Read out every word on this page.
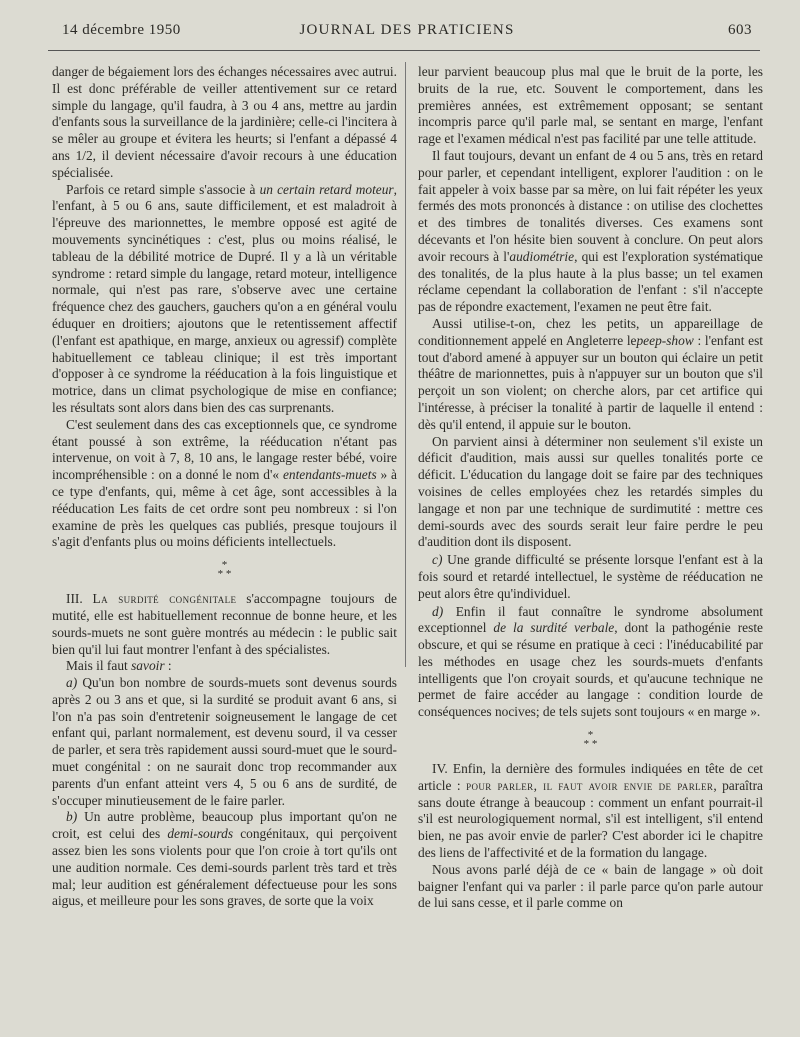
14 décembre 1950	JOURNAL DES PRATICIENS	603

danger de bégaiement lors des échanges nécessaires avec autrui. Il est donc préférable de veiller attentivement sur ce retard simple du langage, qu'il faudra, à 3 ou 4 ans, mettre au jardin d'enfants sous la surveillance de la jardinière; celle-ci l'incitera à se mêler au groupe et évitera les heurts; si l'enfant a dépassé 4 ans 1/2, il devient nécessaire d'avoir recours à une éducation spécialisée.

Parfois ce retard simple s'associe à un certain retard moteur, l'enfant, à 5 ou 6 ans, saute difficilement, et est maladroit à l'épreuve des marionnettes, le membre opposé est agité de mouvements syncinétiques : c'est, plus ou moins réalisé, le tableau de la débilité motrice de Dupré. Il y a là un véritable syndrome : retard simple du langage, retard moteur, intelligence normale, qui n'est pas rare, s'observe avec une certaine fréquence chez des gauchers, gauchers qu'on a en général voulu éduquer en droitiers; ajoutons que le retentissement affectif (l'enfant est apathique, en marge, anxieux ou agressif) complète habituellement ce tableau clinique; il est très important d'opposer à ce syndrome la rééducation à la fois linguistique et motrice, dans un climat psychologique de mise en confiance; les résultats sont alors dans bien des cas surprenants.

C'est seulement dans des cas exceptionnels que, ce syndrome étant poussé à son extrême, la rééducation n'étant pas intervenue, on voit à 7, 8, 10 ans, le langage rester bébé, voire incompréhensible : on a donné le nom d'« entendants-muets » à ce type d'enfants, qui, même à cet âge, sont accessibles à la rééducation Les faits de cet ordre sont peu nombreux : si l'on examine de près les quelques cas publiés, presque toujours il s'agit d'enfants plus ou moins déficients intellectuels.

*
* *

III. La surdité congénitale s'accompagne toujours de mutité, elle est habituellement reconnue de bonne heure, et les sourds-muets ne sont guère montrés au médecin : le public sait bien qu'il lui faut montrer l'enfant à des spécialistes.

Mais il faut savoir :

a) Qu'un bon nombre de sourds-muets sont devenus sourds après 2 ou 3 ans et que, si la surdité se produit avant 6 ans, si l'on n'a pas soin d'entretenir soigneusement le langage de cet enfant qui, parlant normalement, est devenu sourd, il va cesser de parler, et sera très rapidement aussi sourd-muet que le sourd-muet congénital : on ne saurait donc trop recommander aux parents d'un enfant atteint vers 4, 5 ou 6 ans de surdité, de s'occuper minutieusement de le faire parler.

b) Un autre problème, beaucoup plus important qu'on ne croit, est celui des demi-sourds congénitaux, qui perçoivent assez bien les sons violents pour que l'on croie à tort qu'ils ont une audition normale. Ces demi-sourds parlent très tard et très mal; leur audition est généralement défectueuse pour les sons aigus, et meilleure pour les sons graves, de sorte que la voix

leur parvient beaucoup plus mal que le bruit de la porte, les bruits de la rue, etc. Souvent le comportement, dans les premières années, est extrêmement opposant; se sentant incompris parce qu'il parle mal, se sentant en marge, l'enfant rage et l'examen médical n'est pas facilité par une telle attitude.

Il faut toujours, devant un enfant de 4 ou 5 ans, très en retard pour parler, et cependant intelligent, explorer l'audition : on le fait appeler à voix basse par sa mère, on lui fait répéter les yeux fermés des mots prononcés à distance : on utilise des clochettes et des timbres de tonalités diverses. Ces examens sont décevants et l'on hésite bien souvent à conclure. On peut alors avoir recours à l'audiométrie, qui est l'exploration systématique des tonalités, de la plus haute à la plus basse; un tel examen réclame cependant la collaboration de l'enfant : s'il n'accepte pas de répondre exactement, l'examen ne peut être fait.

Aussi utilise-t-on, chez les petits, un appareillage de conditionnement appelé en Angleterre lepeep-show : l'enfant est tout d'abord amené à appuyer sur un bouton qui éclaire un petit théâtre de marionnettes, puis à n'appuyer sur un bouton que s'il perçoit un son violent; on cherche alors, par cet artifice qui l'intéresse, à préciser la tonalité à partir de laquelle il entend : dès qu'il entend, il appuie sur le bouton.

On parvient ainsi à déterminer non seulement s'il existe un déficit d'audition, mais aussi sur quelles tonalités porte ce déficit. L'éducation du langage doit se faire par des techniques voisines de celles employées chez les retardés simples du langage et non par une technique de surdimutité : mettre ces demi-sourds avec des sourds serait leur faire perdre le peu d'audition dont ils disposent.

c) Une grande difficulté se présente lorsque l'enfant est à la fois sourd et retardé intellectuel, le système de rééducation ne peut alors être qu'individuel.

d) Enfin il faut connaître le syndrome absolument exceptionnel de la surdité verbale, dont la pathogénie reste obscure, et qui se résume en pratique à ceci : l'inéducabilité par les méthodes en usage chez les sourds-muets d'enfants intelligents que l'on croyait sourds, et qu'aucune technique ne permet de faire accéder au langage : condition lourde de conséquences nocives; de tels sujets sont toujours « en marge ».

*
* *

IV. Enfin, la dernière des formules indiquées en tête de cet article : pour parler, il faut avoir envie de parler, paraîtra sans doute étrange à beaucoup : comment un enfant pourrait-il s'il est neurologiquement normal, s'il est intelligent, s'il entend bien, ne pas avoir envie de parler? C'est aborder ici le chapitre des liens de l'affectivité et de la formation du langage.

Nous avons parlé déjà de ce « bain de langage » où doit baigner l'enfant qui va parler : il parle parce qu'on parle autour de lui sans cesse, et il parle comme on
